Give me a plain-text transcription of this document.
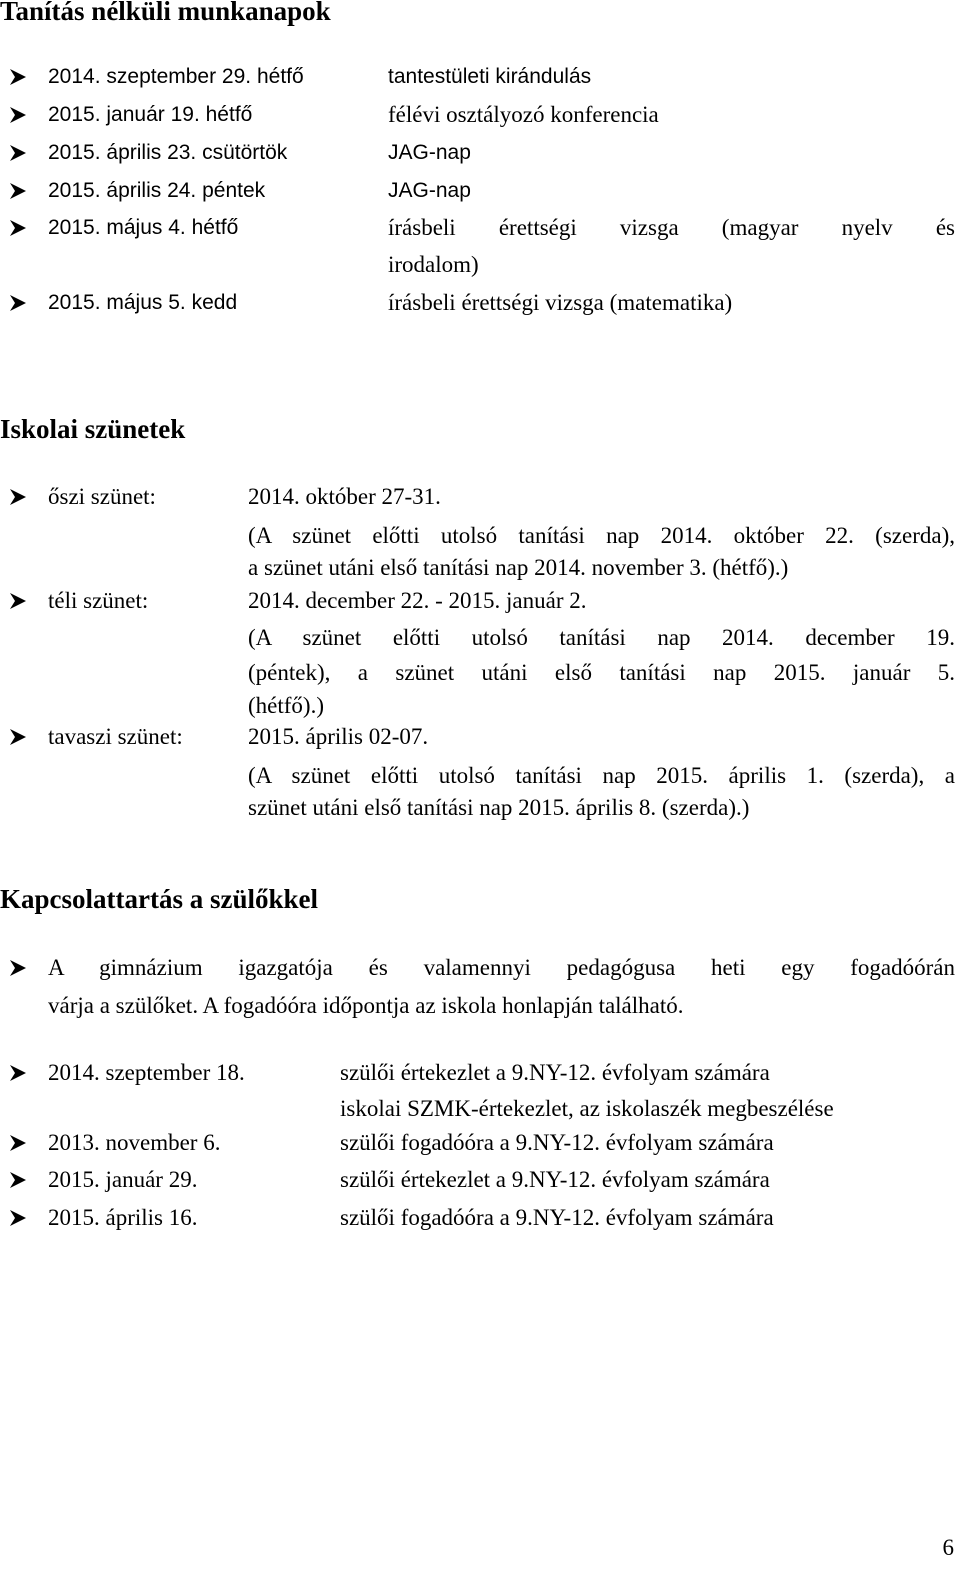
Tanítás nélküli munkanapok
2014. szeptember 29. hétfő	tantestületi kirándulás
2015. január 19. hétfő	félévi osztályozó konferencia
2015. április 23. csütörtök	JAG-nap
2015. április 24. péntek	JAG-nap
2015. május 4. hétfő	írásbeli érettségi vizsga (magyar nyelv és
irodalom)
2015. május 5. kedd	írásbeli érettségi vizsga (matematika)
Iskolai szünetek
őszi szünet:	2014. október 27-31.
(A szünet előtti utolsó tanítási nap 2014. október 22. (szerda),
a szünet utáni első tanítási nap 2014. november 3. (hétfő).)
téli szünet:	2014. december 22. - 2015. január 2.
(A szünet előtti utolsó tanítási nap 2014. december 19.
(péntek), a szünet utáni első tanítási nap 2015. január 5.
(hétfő).)
tavaszi szünet:	2015. április 02-07.
(A szünet előtti utolsó tanítási nap 2015. április 1. (szerda), a
szünet utáni első tanítási nap 2015. április 8. (szerda).)
Kapcsolattartás a szülőkkel
A gimnázium igazgatója és valamennyi pedagógusa heti egy fogadóórán
várja a szülőket. A fogadóóra időpontja az iskola honlapján található.
2014. szeptember 18.	szülői értekezlet a 9.NY-12. évfolyam számára
iskolai SZMK-értekezlet, az iskolaszék megbeszélése
2013. november 6.	szülői fogadóóra a 9.NY-12. évfolyam számára
2015. január 29.	szülői értekezlet a 9.NY-12. évfolyam számára
2015. április 16.	szülői fogadóóra a 9.NY-12. évfolyam számára
6
